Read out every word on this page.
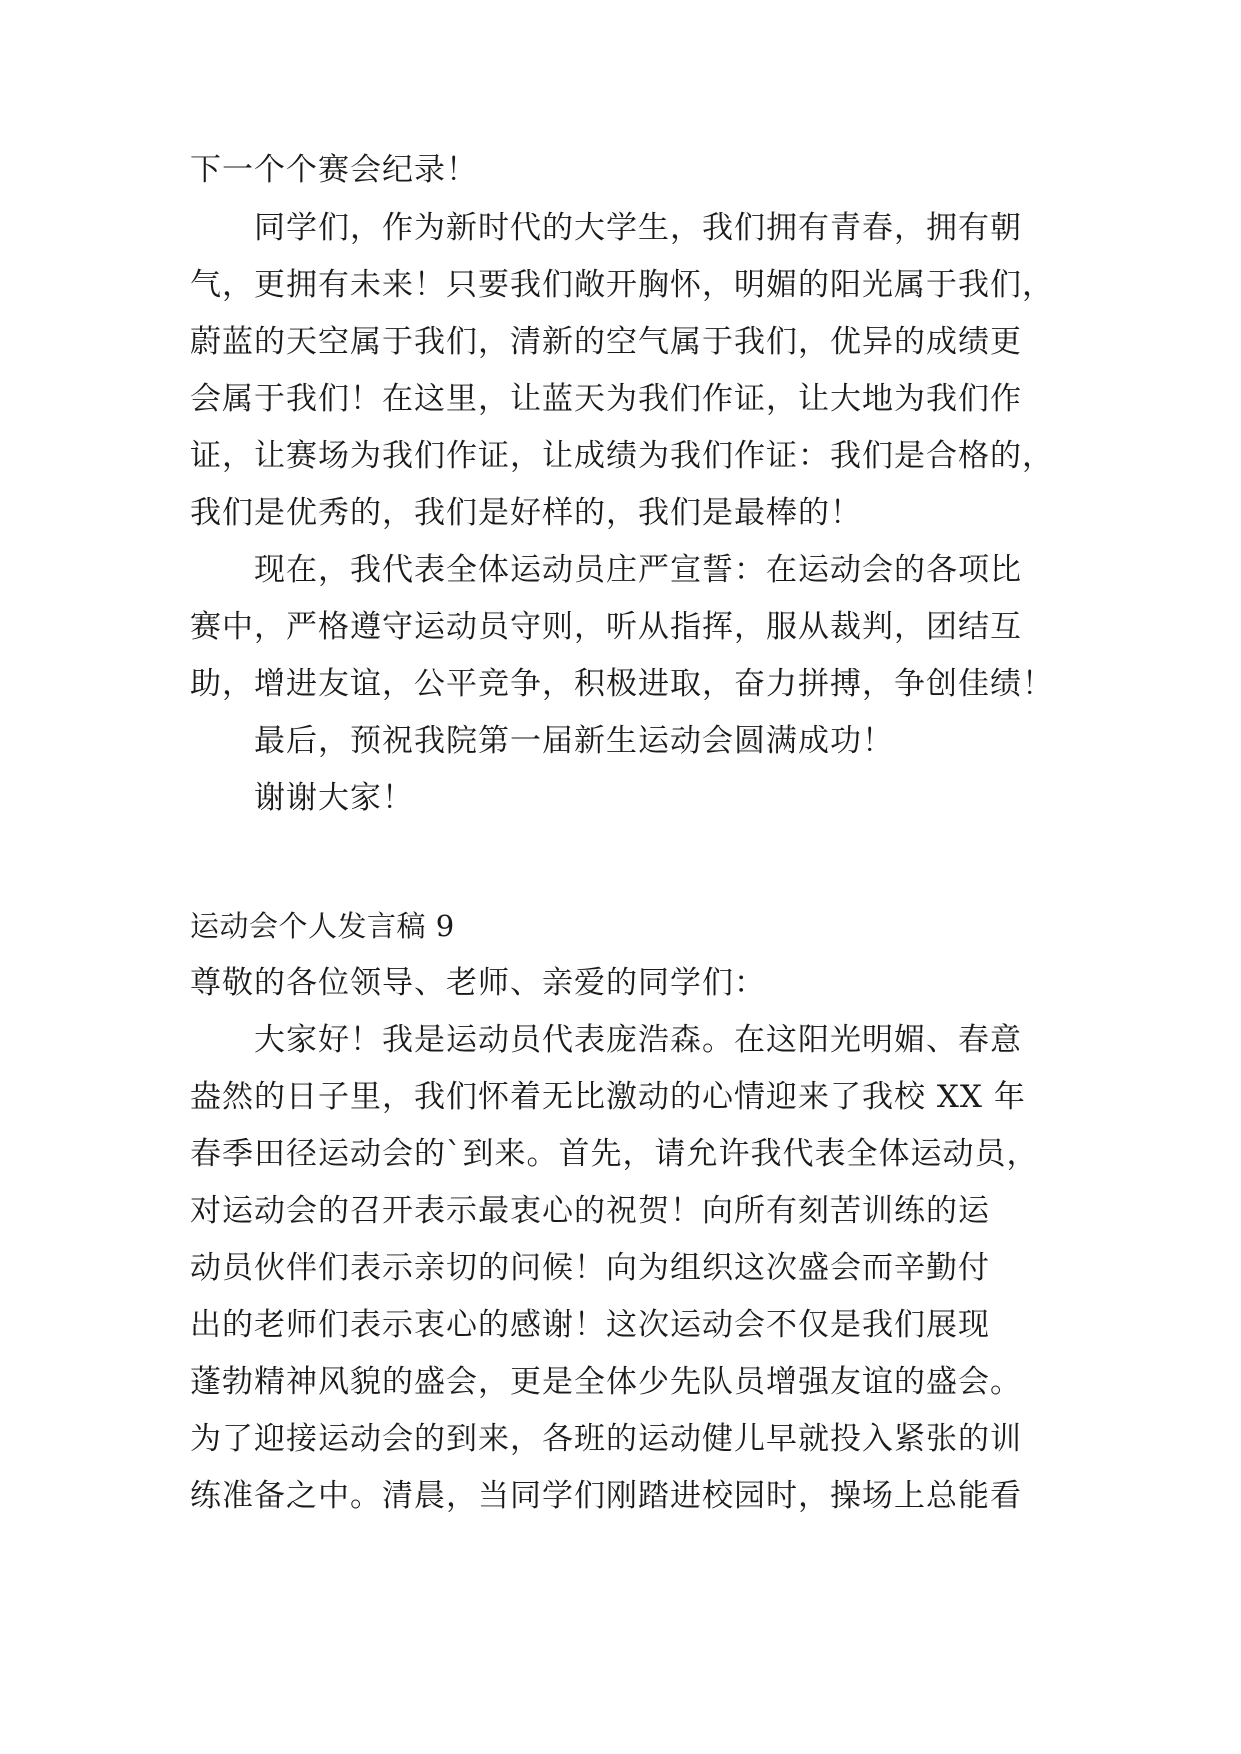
下一个个赛会纪录！
同学们，作为新时代的大学生，我们拥有青春，拥有朝
气，更拥有未来！只要我们敞开胸怀，明媚的阳光属于我们，
蔚蓝的天空属于我们，清新的空气属于我们，优异的成绩更
会属于我们！在这里，让蓝天为我们作证，让大地为我们作
证，让赛场为我们作证，让成绩为我们作证：我们是合格的，
我们是优秀的，我们是好样的，我们是最棒的！
现在，我代表全体运动员庄严宣誓：在运动会的各项比
赛中，严格遵守运动员守则，听从指挥，服从裁判，团结互
助，增进友谊，公平竞争，积极进取，奋力拼搏，争创佳绩！
最后，预祝我院第一届新生运动会圆满成功！
谢谢大家！
运动会个人发言稿 9
尊敬的各位领导、老师、亲爱的同学们：
大家好！我是运动员代表庞浩森。在这阳光明媚、春意
盎然的日子里，我们怀着无比激动的心情迎来了我校 XX 年
春季田径运动会的`到来。首先，请允许我代表全体运动员，
对运动会的召开表示最衷心的祝贺！向所有刻苦训练的运
动员伙伴们表示亲切的问候！向为组织这次盛会而辛勤付
出的老师们表示衷心的感谢！这次运动会不仅是我们展现
蓬勃精神风貌的盛会，更是全体少先队员增强友谊的盛会。
为了迎接运动会的到来，各班的运动健儿早就投入紧张的训
练准备之中。清晨，当同学们刚踏进校园时，操场上总能看
